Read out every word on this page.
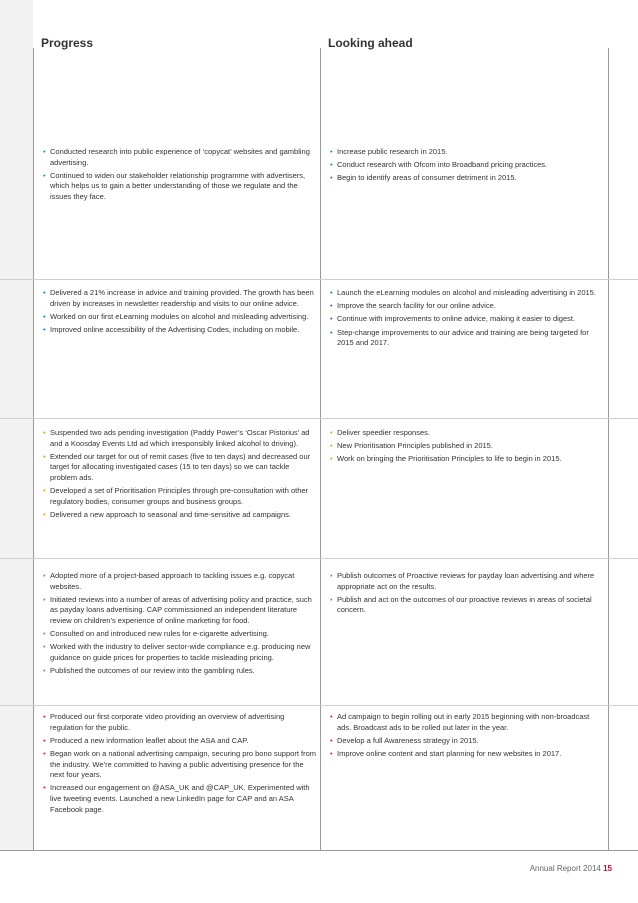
Progress	Looking ahead
• Conducted research into public experience of ‘copycat’ websites and gambling advertising.
• Continued to widen our stakeholder relationship programme with advertisers, which helps us to gain a better understanding of those we regulate and the issues they face.
• Increase public research in 2015.
• Conduct research with Ofcom into Broadband pricing practices.
• Begin to identify areas of consumer detriment in 2015.
• Delivered a 21% increase in advice and training provided. The growth has been driven by increases in newsletter readership and visits to our online advice.
• Worked on our first eLearning modules on alcohol and misleading advertising.
• Improved online accessibility of the Advertising Codes, including on mobile.
• Launch the eLearning modules on alcohol and misleading advertising in 2015.
• Improve the search facility for our online advice.
• Continue with improvements to online advice, making it easier to digest.
• Step-change improvements to our advice and training are being targeted for 2015 and 2017.
• Suspended two ads pending investigation (Paddy Power’s ‘Oscar Pistorius’ ad and a Koosday Events Ltd ad which irresponsibly linked alcohol to driving).
• Extended our target for out of remit cases (five to ten days) and decreased our target for allocating investigated cases (15 to ten days) so we can tackle problem ads.
• Developed a set of Prioritisation Principles through pre-consultation with other regulatory bodies, consumer groups and business groups.
• Delivered a new approach to seasonal and time-sensitive ad campaigns.
• Deliver speedier responses.
• New Prioritisation Principles published in 2015.
• Work on bringing the Prioritisation Principles to life to begin in 2015.
• Adopted more of a project-based approach to tackling issues e.g. copycat websites.
• Initiated reviews into a number of areas of advertising policy and practice, such as payday loans advertising. CAP commissioned an independent literature review on children’s experience of online marketing for food.
• Consulted on and introduced new rules for e-cigarette advertising.
• Worked with the industry to deliver sector-wide compliance e.g. producing new guidance on guide prices for properties to tackle misleading pricing.
• Published the outcomes of our review into the gambling rules.
• Publish outcomes of Proactive reviews for payday loan advertising and where appropriate act on the results.
• Publish and act on the outcomes of our proactive reviews in areas of societal concern.
• Produced our first corporate video providing an overview of advertising regulation for the public.
• Produced a new information leaflet about the ASA and CAP.
• Began work on a national advertising campaign, securing pro bono support from the industry. We’re committed to having a public advertising presence for the next four years.
• Increased our engagement on @ASA_UK and @CAP_UK. Experimented with live tweeting events. Launched a new LinkedIn page for CAP and an ASA Facebook page.
• Ad campaign to begin rolling out in early 2015 beginning with non-broadcast ads. Broadcast ads to be rolled out later in the year.
• Develop a full Awareness strategy in 2015.
• Improve online content and start planning for new websites in 2017.
Annual Report 2014 15
